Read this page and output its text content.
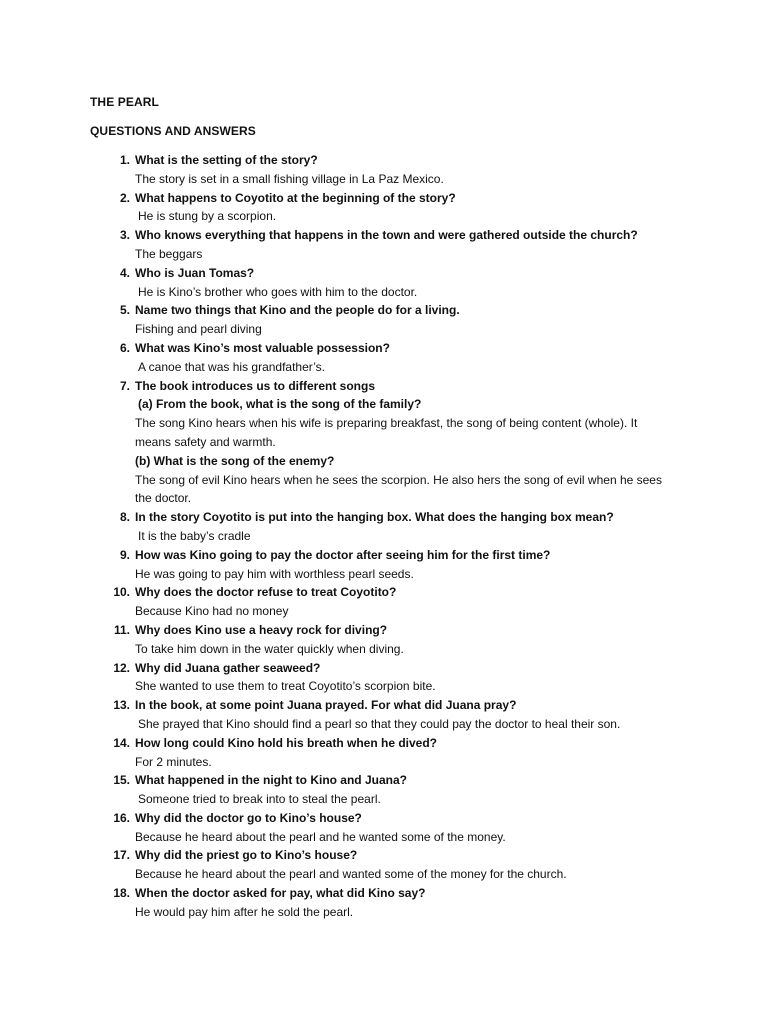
THE PEARL
QUESTIONS AND ANSWERS
1. What is the setting of the story?
The story is set in a small fishing village in La Paz Mexico.
2. What happens to Coyotito at the beginning of the story?
He is stung by a scorpion.
3. Who knows everything that happens in the town and were gathered outside the church?
The beggars
4. Who is Juan Tomas?
He is Kino’s brother who goes with him to the doctor.
5. Name two things that Kino and the people do for a living.
Fishing and pearl diving
6. What was Kino’s most valuable possession?
A canoe that was his grandfather’s.
7. The book introduces us to different songs
(a) From the book, what is the song of the family?
The song Kino hears when his wife is preparing breakfast, the song of being content (whole). It means safety and warmth.
(b) What is the song of the enemy?
The song of evil Kino hears when he sees the scorpion. He also hers the song of evil when he sees the doctor.
8. In the story Coyotito is put into the hanging box. What does the hanging box mean?
It is the baby’s cradle
9. How was Kino going to pay the doctor after seeing him for the first time?
He was going to pay him with worthless pearl seeds.
10. Why does the doctor refuse to treat Coyotito?
Because Kino had no money
11. Why does Kino use a heavy rock for diving?
To take him down in the water quickly when diving.
12. Why did Juana gather seaweed?
She wanted to use them to treat Coyotito’s scorpion bite.
13. In the book, at some point Juana prayed. For what did Juana pray?
She prayed that Kino should find a pearl so that they could pay the doctor to heal their son.
14. How long could Kino hold his breath when he dived?
For 2 minutes.
15. What happened in the night to Kino and Juana?
Someone tried to break into to steal the pearl.
16. Why did the doctor go to Kino’s house?
Because he heard about the pearl and he wanted some of the money.
17. Why did the priest go to Kino’s house?
Because he heard about the pearl and wanted some of the money for the church.
18. When the doctor asked for pay, what did Kino say?
He would pay him after he sold the pearl.
